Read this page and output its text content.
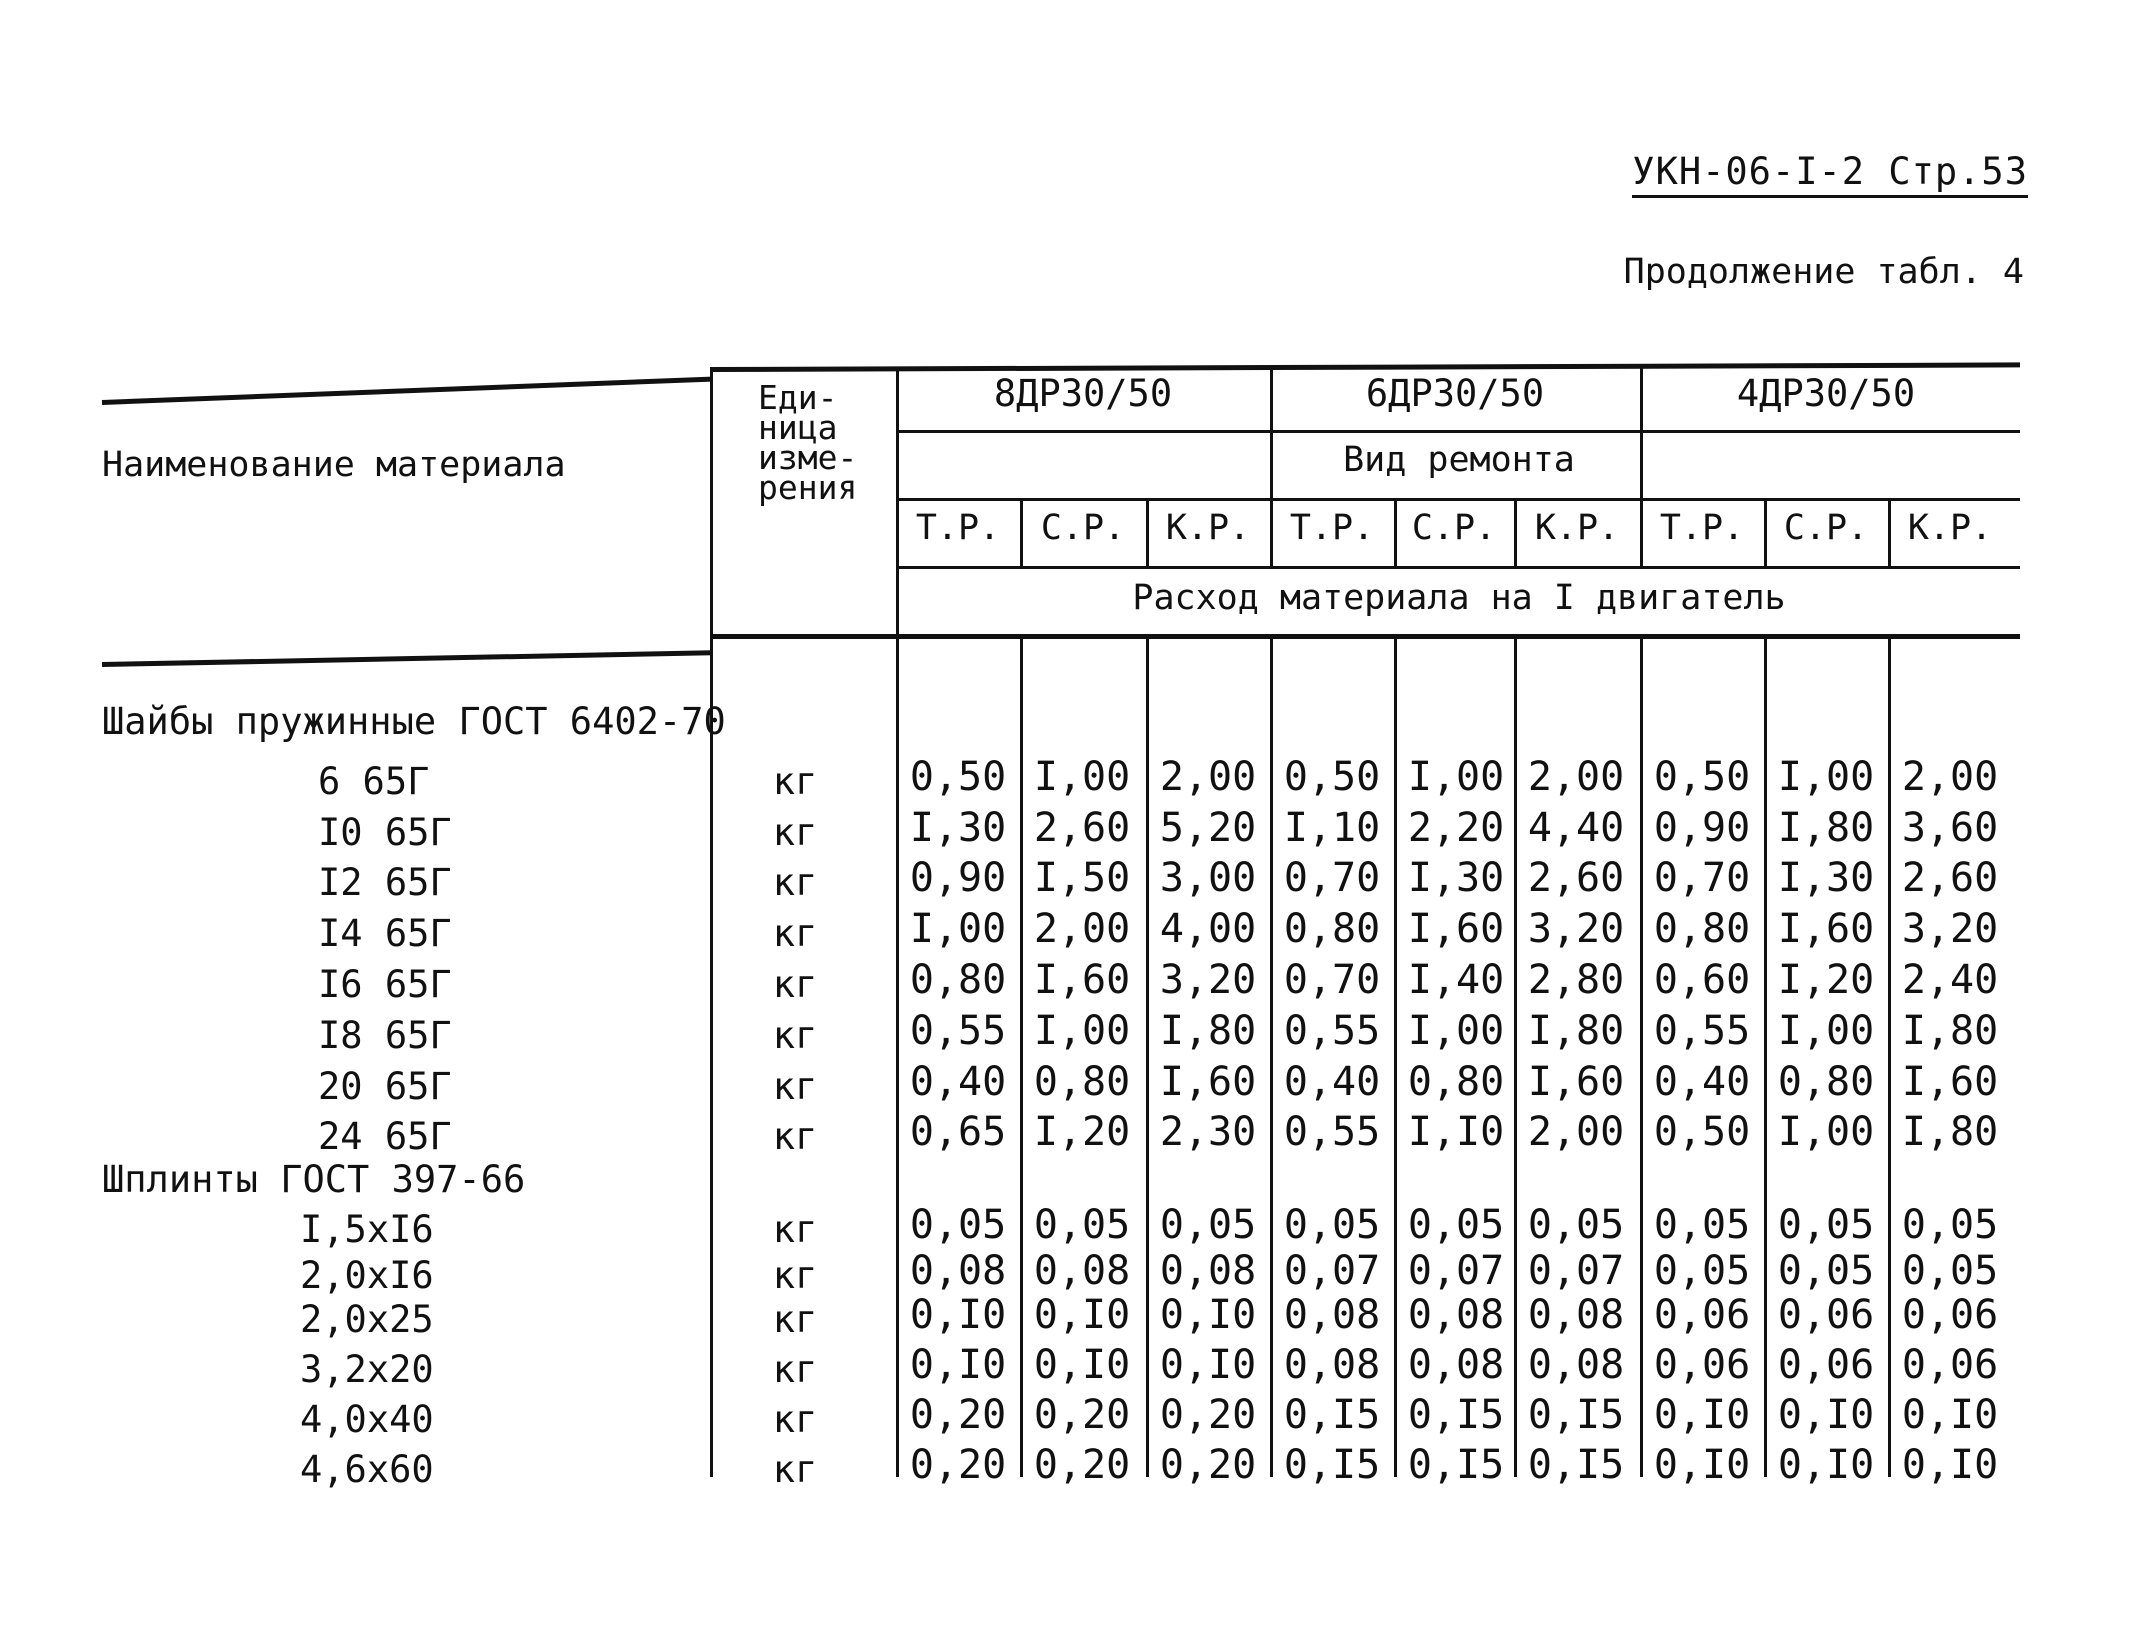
УКН-06-I-2 Стр.53
Продолжение табл. 4
Наименование материала
Еди-
ница
изме-
рения
Вид ремонта
Расход материала на I двигатель
8ДР30/50	6ДР30/50	4ДР30/50
Т.Р.	С.Р.	К.Р.	Т.Р.	С.Р.	К.Р.	Т.Р.	С.Р.	К.Р.
Шайбы пружинные ГОСТ 6402-70
6 65Г	кг	0,50 I,00 2,00 0,50 I,00 2,00 0,50 I,00 2,00
I0 65Г	кг	I,30 2,60 5,20 I,10 2,20 4,40 0,90 I,80 3,60
I2 65Г	кг	0,90 I,50 3,00 0,70 I,30 2,60 0,70 I,30 2,60
I4 65Г	кг	I,00 2,00 4,00 0,80 I,60 3,20 0,80 I,60 3,20
I6 65Г	кг	0,80 I,60 3,20 0,70 I,40 2,80 0,60 I,20 2,40
I8 65Г	кг	0,55 I,00 I,80 0,55 I,00 I,80 0,55 I,00 I,80
20 65Г	кг	0,40 0,80 I,60 0,40 0,80 I,60 0,40 0,80 I,60
24 65Г	кг	0,65 I,20 2,30 0,55 I,I0 2,00 0,50 I,00 I,80
Шплинты ГОСТ 397-66
I,5xI6	кг	0,05 0,05 0,05 0,05 0,05 0,05 0,05 0,05 0,05
2,0xI6	кг	0,08 0,08 0,08 0,07 0,07 0,07 0,05 0,05 0,05
2,0x25	кг	0,I0 0,I0 0,I0 0,08 0,08 0,08 0,06 0,06 0,06
3,2x20	кг	0,I0 0,I0 0,I0 0,08 0,08 0,08 0,06 0,06 0,06
4,0x40	кг	0,20 0,20 0,20 0,I5 0,I5 0,I5 0,I0 0,I0 0,I0
4,6x60	кг	0,20 0,20 0,20 0,I5 0,I5 0,I5 0,I0 0,I0 0,I0
